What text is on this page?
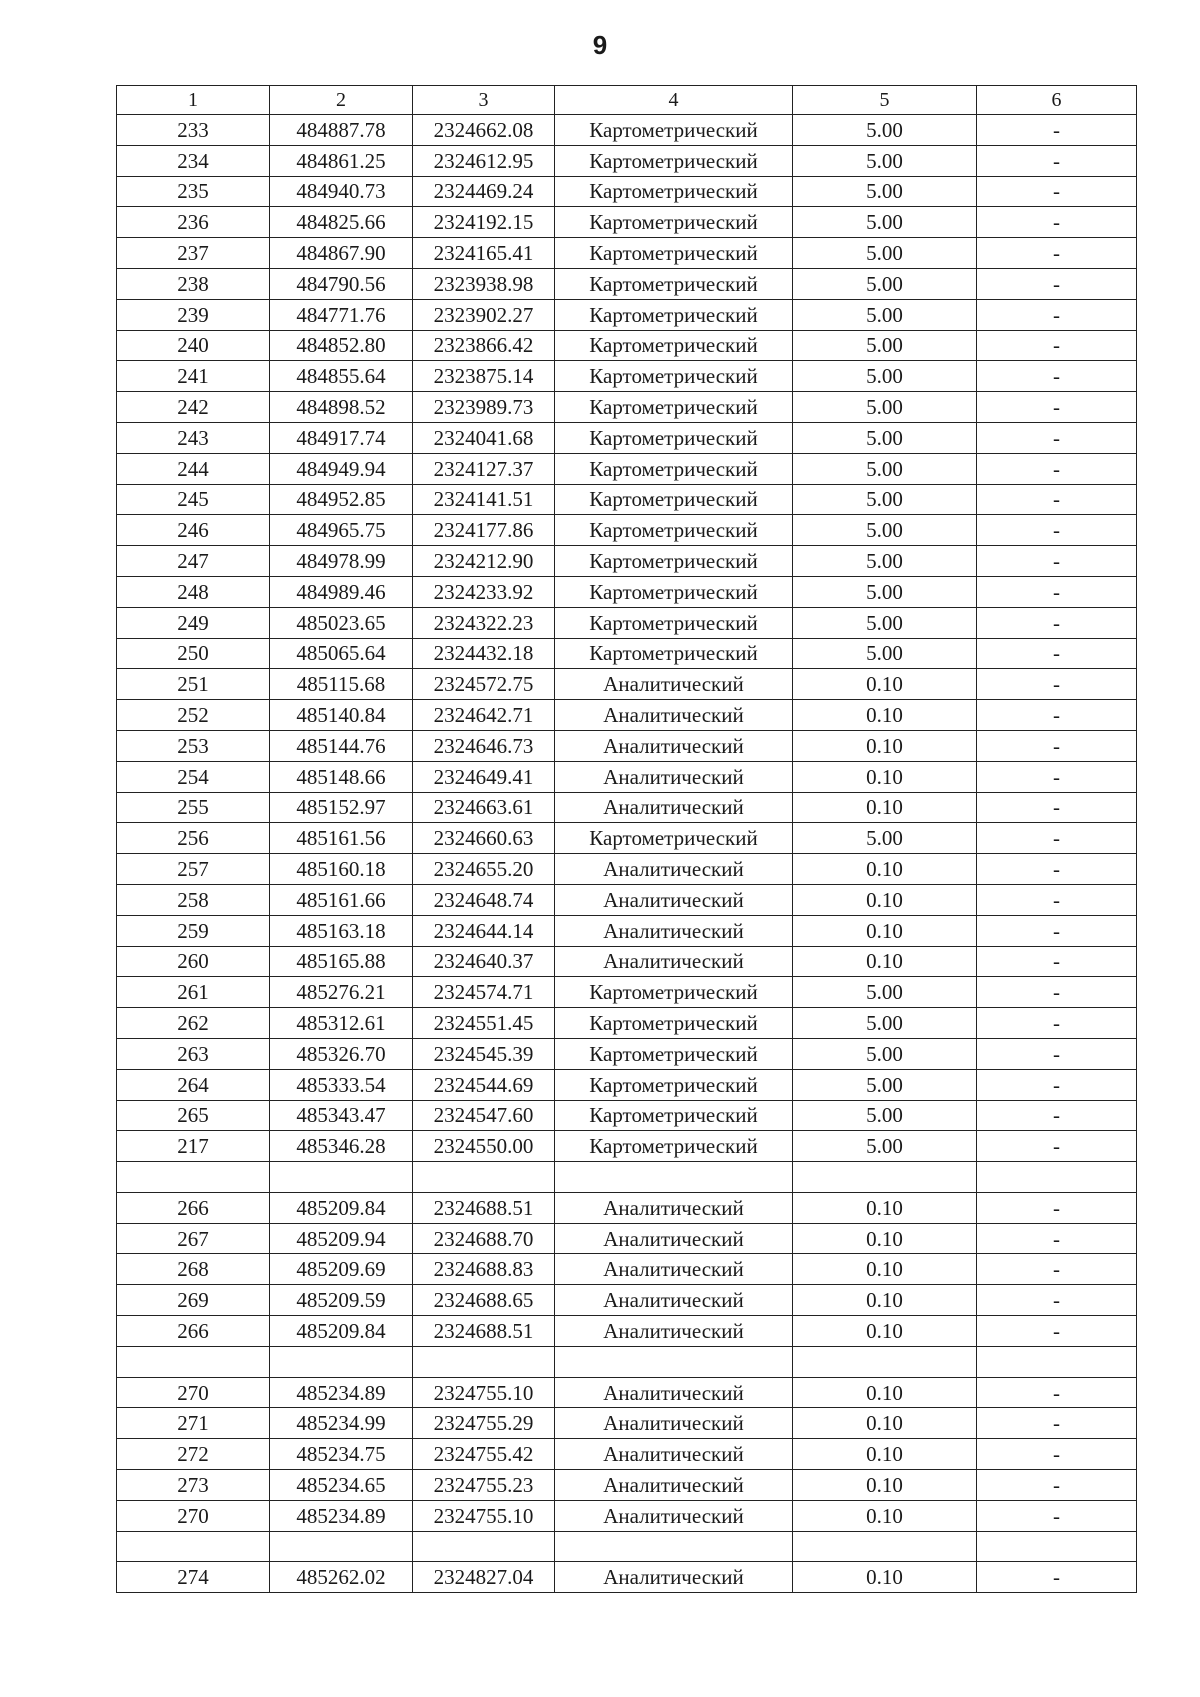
9
1	2	3	4	5	6
233	484887.78	2324662.08	Картометрический	5.00	-
234	484861.25	2324612.95	Картометрический	5.00	-
235	484940.73	2324469.24	Картометрический	5.00	-
236	484825.66	2324192.15	Картометрический	5.00	-
237	484867.90	2324165.41	Картометрический	5.00	-
238	484790.56	2323938.98	Картометрический	5.00	-
239	484771.76	2323902.27	Картометрический	5.00	-
240	484852.80	2323866.42	Картометрический	5.00	-
241	484855.64	2323875.14	Картометрический	5.00	-
242	484898.52	2323989.73	Картометрический	5.00	-
243	484917.74	2324041.68	Картометрический	5.00	-
244	484949.94	2324127.37	Картометрический	5.00	-
245	484952.85	2324141.51	Картометрический	5.00	-
246	484965.75	2324177.86	Картометрический	5.00	-
247	484978.99	2324212.90	Картометрический	5.00	-
248	484989.46	2324233.92	Картометрический	5.00	-
249	485023.65	2324322.23	Картометрический	5.00	-
250	485065.64	2324432.18	Картометрический	5.00	-
251	485115.68	2324572.75	Аналитический	0.10	-
252	485140.84	2324642.71	Аналитический	0.10	-
253	485144.76	2324646.73	Аналитический	0.10	-
254	485148.66	2324649.41	Аналитический	0.10	-
255	485152.97	2324663.61	Аналитический	0.10	-
256	485161.56	2324660.63	Картометрический	5.00	-
257	485160.18	2324655.20	Аналитический	0.10	-
258	485161.66	2324648.74	Аналитический	0.10	-
259	485163.18	2324644.14	Аналитический	0.10	-
260	485165.88	2324640.37	Аналитический	0.10	-
261	485276.21	2324574.71	Картометрический	5.00	-
262	485312.61	2324551.45	Картометрический	5.00	-
263	485326.70	2324545.39	Картометрический	5.00	-
264	485333.54	2324544.69	Картометрический	5.00	-
265	485343.47	2324547.60	Картометрический	5.00	-
217	485346.28	2324550.00	Картометрический	5.00	-

266	485209.84	2324688.51	Аналитический	0.10	-
267	485209.94	2324688.70	Аналитический	0.10	-
268	485209.69	2324688.83	Аналитический	0.10	-
269	485209.59	2324688.65	Аналитический	0.10	-
266	485209.84	2324688.51	Аналитический	0.10	-

270	485234.89	2324755.10	Аналитический	0.10	-
271	485234.99	2324755.29	Аналитический	0.10	-
272	485234.75	2324755.42	Аналитический	0.10	-
273	485234.65	2324755.23	Аналитический	0.10	-
270	485234.89	2324755.10	Аналитический	0.10	-

274	485262.02	2324827.04	Аналитический	0.10	-
